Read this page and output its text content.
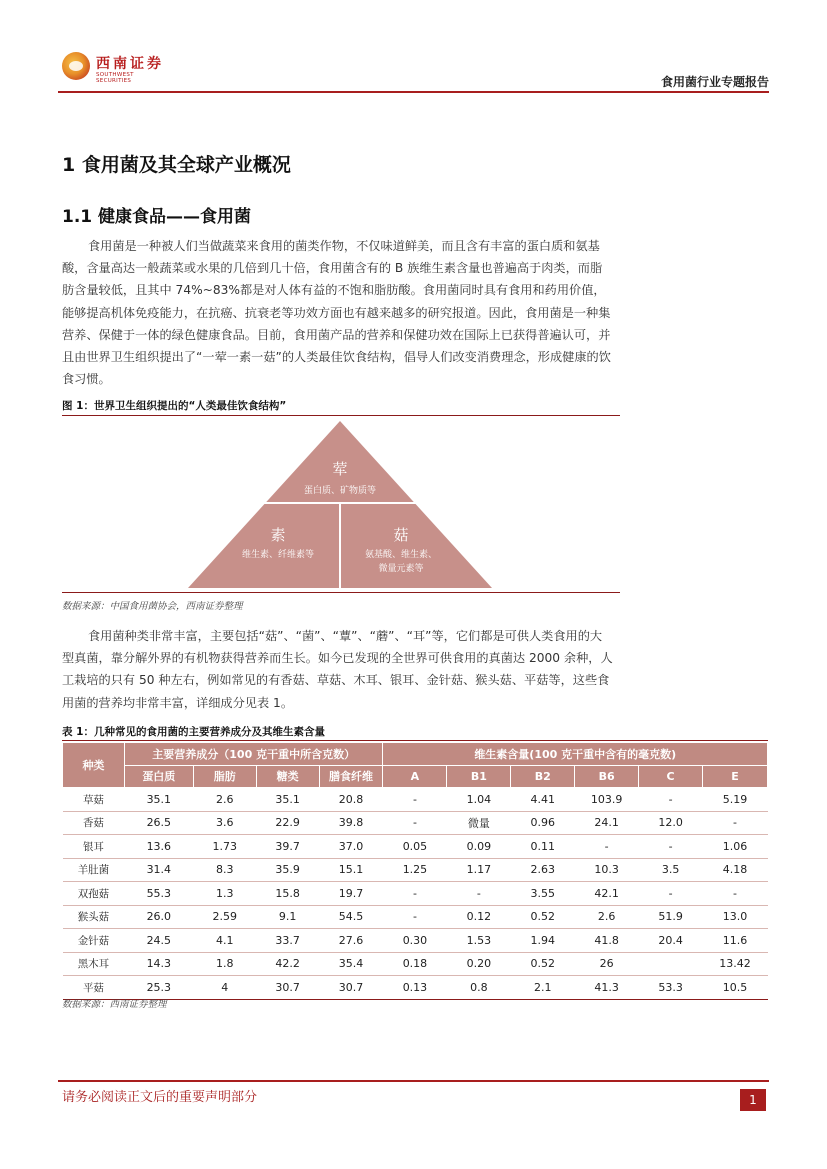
西南证券
SOUTHWEST SECURITIES	食用菌行业专题报告
1 食用菌及其全球产业概况
1.1 健康食品——食用菌
食用菌是一种被人们当做蔬菜来食用的菌类作物，不仅味道鲜美，而且含有丰富的蛋白质和氨基酸，含量高达一般蔬菜或水果的几倍到几十倍，食用菌含有的 B 族维生素含量也普遍高于肉类，而脂肪含量较低，且其中 74%~83%都是对人体有益的不饱和脂肪酸。食用菌同时具有食用和药用价值，能够提高机体免疫能力，在抗癌、抗衰老等功效方面也有越来越多的研究报道。因此，食用菌是一种集营养、保健于一体的绿色健康食品。目前，食用菌产品的营养和保健功效在国际上已获得普遍认可，并且由世界卫生组织提出了“一荤一素一菇”的人类最佳饮食结构，倡导人们改变消费理念，形成健康的饮食习惯。
图 1：世界卫生组织提出的“人类最佳饮食结构”
荤
蛋白质、矿物质等
素
维生素、纤维素等
菇
氨基酸、维生素、
微量元素等
数据来源：中国食用菌协会，西南证券整理
食用菌种类非常丰富，主要包括“菇”、“菌”、“蕈”、“蘑”、“耳”等，它们都是可供人类食用的大型真菌，靠分解外界的有机物获得营养而生长。如今已发现的全世界可供食用的真菌达 2000 余种，人工栽培的只有 50 种左右，例如常见的有香菇、草菇、木耳、银耳、金针菇、猴头菇、平菇等，这些食用菌的营养均非常丰富，详细成分见表 1。
表 1：几种常见的食用菌的主要营养成分及其维生素含量
种类	主要营养成分（100 克干重中所含克数）				维生素含量(100 克干重中含有的毫克数)					
	蛋白质	脂肪	糖类	膳食纤维	A	B1	B2	B6	C	E
草菇	35.1	2.6	35.1	20.8	-	1.04	4.41	103.9	-	5.19
香菇	26.5	3.6	22.9	39.8	-	微量	0.96	24.1	12.0	-
银耳	13.6	1.73	39.7	37.0	0.05	0.09	0.11	-	-	1.06
羊肚菌	31.4	8.3	35.9	15.1	1.25	1.17	2.63	10.3	3.5	4.18
双孢菇	55.3	1.3	15.8	19.7	-	-	3.55	42.1	-	-
猴头菇	26.0	2.59	9.1	54.5	-	0.12	0.52	2.6	51.9	13.0
金针菇	24.5	4.1	33.7	27.6	0.30	1.53	1.94	41.8	20.4	11.6
黑木耳	14.3	1.8	42.2	35.4	0.18	0.20	0.52	26		13.42
平菇	25.3	4	30.7	30.7	0.13	0.8	2.1	41.3	53.3	10.5
数据来源：西南证券整理
请务必阅读正文后的重要声明部分	1
